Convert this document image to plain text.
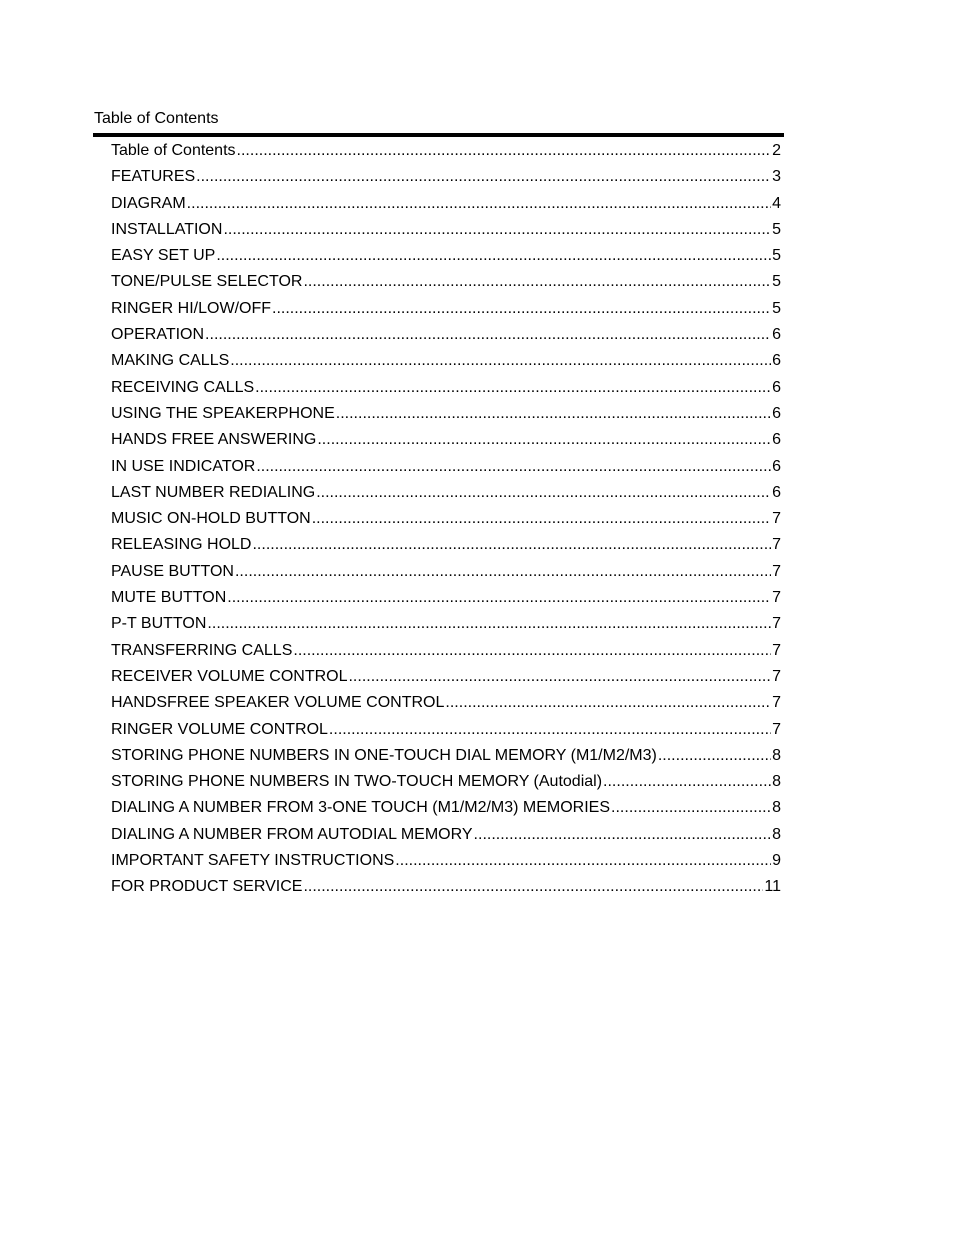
Table of Contents
Table of Contents .....	2
FEATURES .....	3
DIAGRAM .....	4
INSTALLATION .....	5
EASY SET UP .....	5
TONE/PULSE SELECTOR .....	5
RINGER HI/LOW/OFF .....	5
OPERATION .....	6
MAKING CALLS .....	6
RECEIVING CALLS .....	6
USING THE SPEAKERPHONE .....	6
HANDS FREE ANSWERING .....	6
IN USE INDICATOR .....	6
LAST NUMBER REDIALING .....	6
MUSIC ON-HOLD BUTTON .....	7
RELEASING HOLD .....	7
PAUSE BUTTON .....	7
MUTE BUTTON .....	7
P-T BUTTON .....	7
TRANSFERRING CALLS .....	7
RECEIVER VOLUME CONTROL .....	7
HANDSFREE SPEAKER VOLUME CONTROL .....	7
RINGER VOLUME CONTROL .....	7
STORING PHONE NUMBERS IN ONE-TOUCH DIAL MEMORY (M1/M2/M3) .....	8
STORING PHONE NUMBERS IN TWO-TOUCH MEMORY (Autodial) .....	8
DIALING A NUMBER FROM 3-ONE TOUCH (M1/M2/M3) MEMORIES .....	8
DIALING A NUMBER FROM AUTODIAL MEMORY .....	8
IMPORTANT SAFETY INSTRUCTIONS .....	9
FOR PRODUCT SERVICE .....	11
